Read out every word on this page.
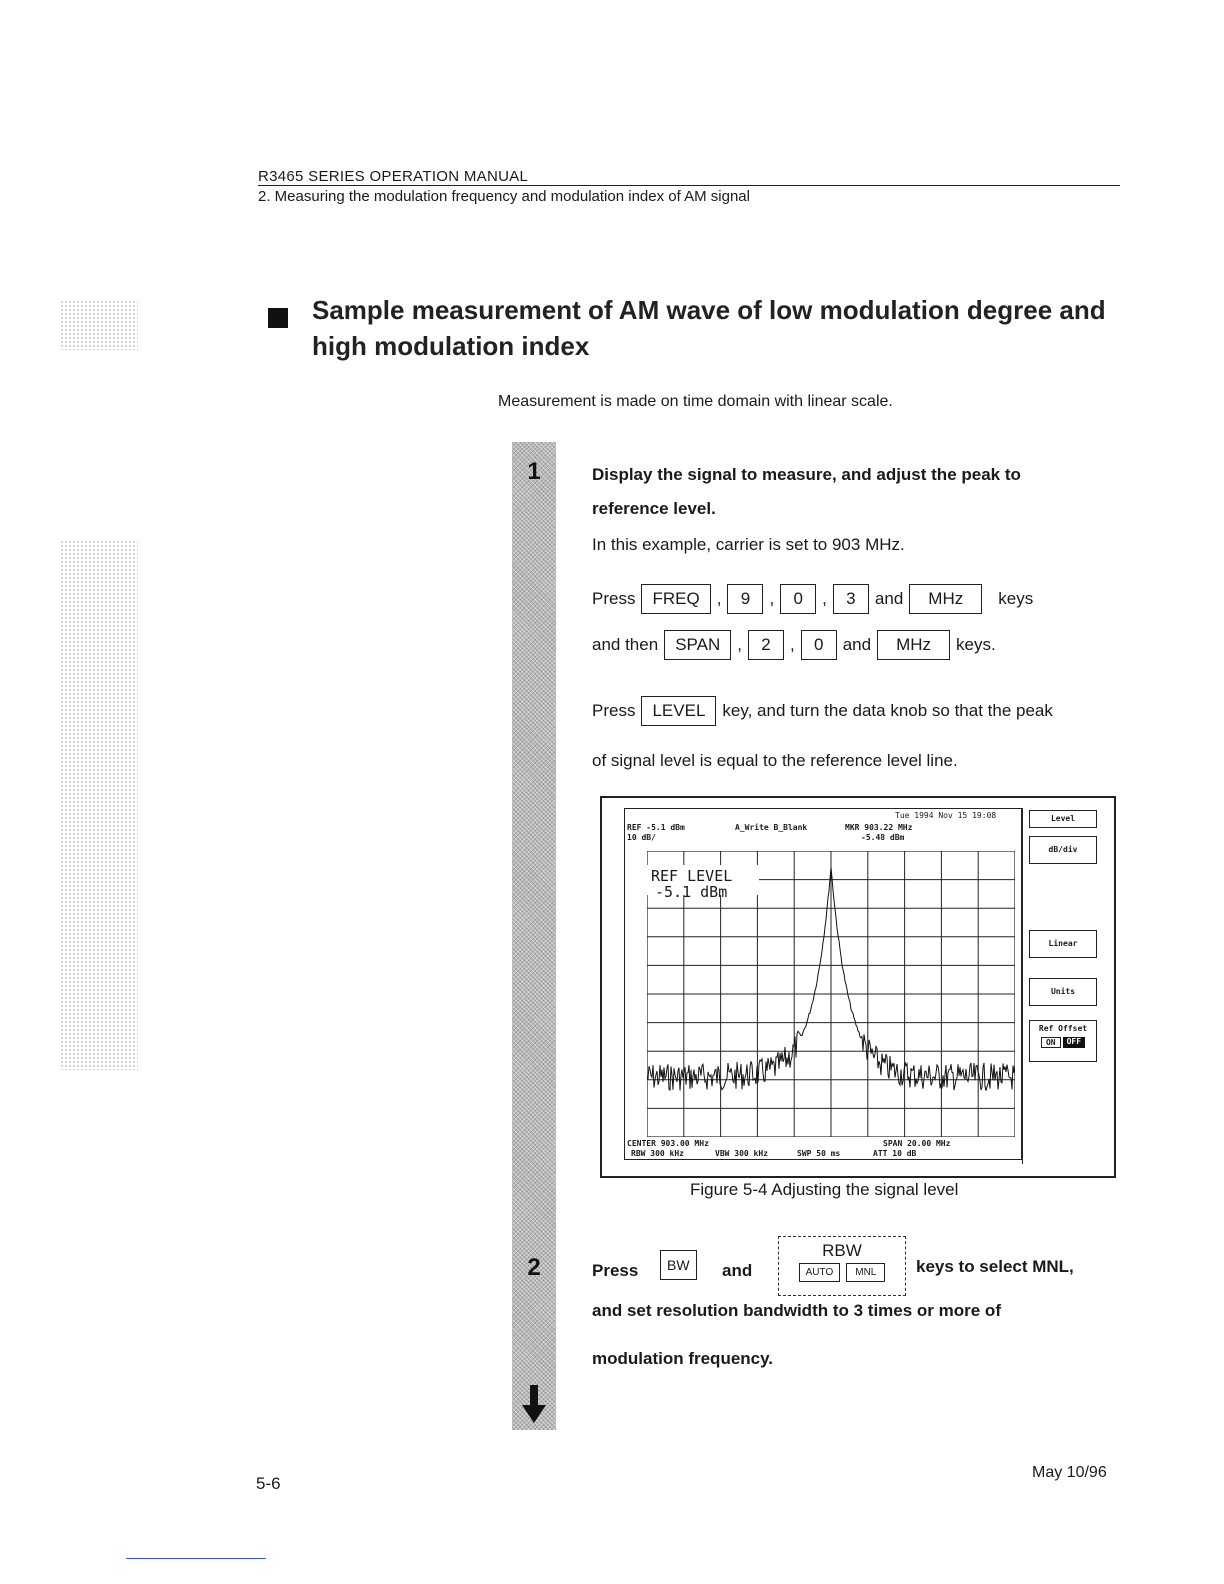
R3465 SERIES OPERATION MANUAL
2. Measuring the modulation frequency and modulation index of AM signal
Sample measurement of AM wave of low modulation degree and high modulation index
Measurement is made on time domain with linear scale.
1
2
Display the signal to measure, and adjust the peak to reference level.
In this example, carrier is set to 903 MHz.
Press	FREQ	,	9	,	0	,	3	and	MHz	keys
and then	SPAN	,	2	,	0	and	MHz	keys.
Press	LEVEL	key, and turn the data knob so that the peak
of signal level is equal to the reference level line.
Tue 1994 Nov 15 19:08
REF -5.1 dBm
10 dB/
A_Write B_Blank	MKR 903.22 MHz
-5.48 dBm
REF LEVEL
-5.1 dBm
CENTER 903.00 MHz	SPAN 20.00 MHz
RBW 300 kHz	VBW 300 kHz	SWP 50 ms	ATT 10 dB
Level
dB/div
Linear
Units
Ref Offset
ON	OFF
Figure 5-4 Adjusting the signal level
Press	BW	and
RBW
AUTO	MNL	keys to select MNL,
and set resolution bandwidth to 3 times or more of
modulation frequency.
5-6
May 10/96
